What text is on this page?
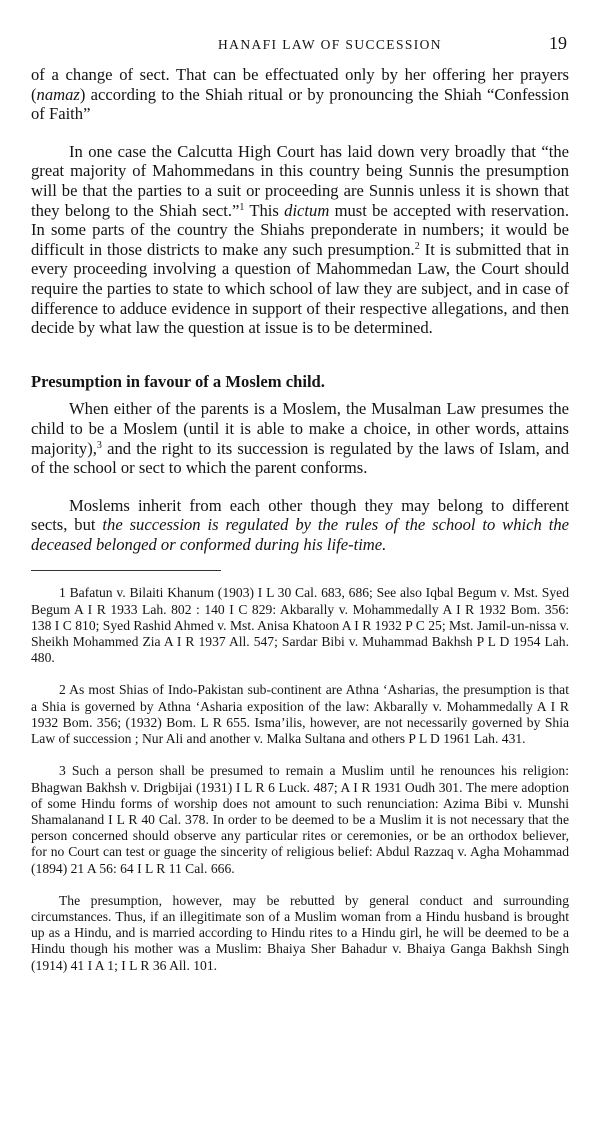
HANAFI LAW OF SUCCESSION	19

of a change of sect. That can be effectuated only by her offering her prayers (namaz) according to the Shiah ritual or by pronouncing the Shiah “Confession of Faith”

In one case the Calcutta High Court has laid down very broadly that “the great majority of Mahommedans in this country being Sunnis the presumption will be that the parties to a suit or proceeding are Sunnis unless it is shown that they belong to the Shiah sect.”$^1$ This dictum must be accepted with reservation. In some parts of the country the Shiahs preponderate in numbers; it would be difficult in those districts to make any such presumption.$^2$ It is submitted that in every proceeding involving a question of Mahommedan Law, the Court should require the parties to state to which school of law they are subject, and in case of difference to adduce evidence in support of their respective allegations, and then decide by what law the question at issue is to be determined.

Presumption in favour of a Moslem child.

When either of the parents is a Moslem, the Musalman Law presumes the child to be a Moslem (until it is able to make a choice, in other words, attains majority),$^3$ and the right to its succession is regulated by the laws of Islam, and of the school or sect to which the parent conforms.

Moslems inherit from each other though they may belong to different sects, but the succession is regulated by the rules of the school to which the deceased belonged or conformed during his life-time.

1 Bafatun v. Bilaiti Khanum (1903) I L 30 Cal. 683, 686; See also Iqbal Begum v. Mst. Syed Begum A I R 1933 Lah. 802 : 140 I C 829: Akbarally v. Mohammedally A I R 1932 Bom. 356: 138 I C 810; Syed Rashid Ahmed v. Mst. Anisa Khatoon A I R 1932 P C 25; Mst. Jamil-un-nissa v. Sheikh Mohammed Zia A I R 1937 All. 547; Sardar Bibi v. Muhammad Bakhsh P L D 1954 Lah. 480.

2 As most Shias of Indo-Pakistan sub-continent are Athna ‘Asharias, the presumption is that a Shia is governed by Athna ‘Asharia exposition of the law: Akbarally v. Mohammedally A I R 1932 Bom. 356; (1932) Bom. L R 655. Isma’ilis, however, are not necessarily governed by Shia Law of succession ; Nur Ali and another v. Malka Sultana and others P L D 1961 Lah. 431.

3 Such a person shall be presumed to remain a Muslim until he renounces his religion: Bhagwan Bakhsh v. Drigbijai (1931) I L R 6 Luck. 487; A I R 1931 Oudh 301. The mere adoption of some Hindu forms of worship does not amount to such renunciation: Azima Bibi v. Munshi Shamalanand I L R 40 Cal. 378. In order to be deemed to be a Muslim it is not necessary that the person concerned should observe any particular rites or ceremonies, or be an orthodox believer, for no Court can test or guage the sincerity of religious belief: Abdul Razzaq v. Agha Mohammad (1894) 21 A 56: 64 I L R 11 Cal. 666.

The presumption, however, may be rebutted by general conduct and surrounding circumstances. Thus, if an illegitimate son of a Muslim woman from a Hindu husband is brought up as a Hindu, and is married according to Hindu rites to a Hindu girl, he will be deemed to be a Hindu though his mother was a Muslim: Bhaiya Sher Bahadur v. Bhaiya Ganga Bakhsh Singh (1914) 41 I A 1; I L R 36 All. 101.
